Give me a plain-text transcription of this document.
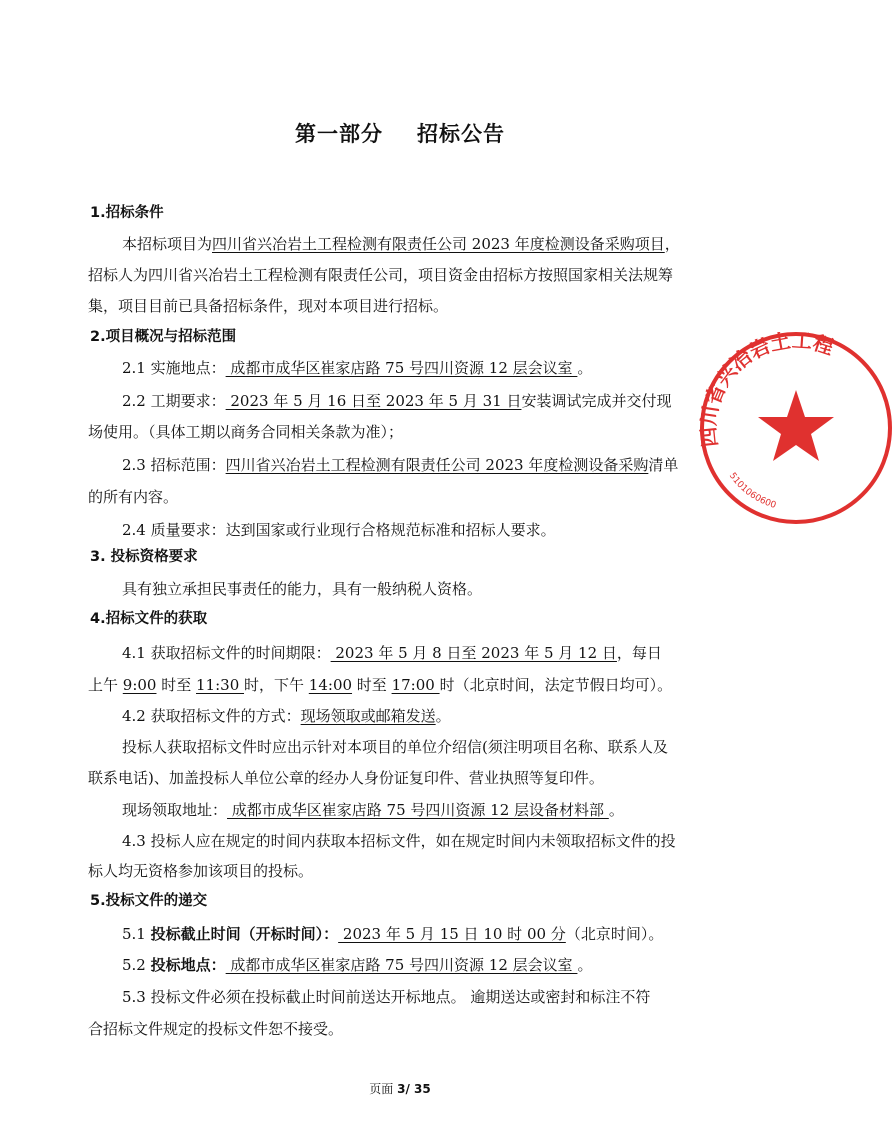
第一部分 招标公告
1.招标条件
本招标项目为四川省兴冶岩土工程检测有限责任公司 2023 年度检测设备采购项目，
招标人为四川省兴冶岩土工程检测有限责任公司，项目资金由招标方按照国家相关法规筹
集，项目目前已具备招标条件，现对本项目进行招标。
2.项目概况与招标范围
2.1 实施地点： 成都市成华区崔家店路 75 号四川资源 12 层会议室 。
2.2 工期要求： 2023 年 5 月 16 日至 2023 年 5 月 31 日安装调试完成并交付现
场使用。（具体工期以商务合同相关条款为准）；
2.3 招标范围：四川省兴冶岩土工程检测有限责任公司 2023 年度检测设备采购清单
的所有内容。
2.4 质量要求：达到国家或行业现行合格规范标准和招标人要求。
3. 投标资格要求
具有独立承担民事责任的能力，具有一般纳税人资格。
4.招标文件的获取
4.1 获取招标文件的时间期限： 2023 年 5 月 8 日至 2023 年 5 月 12 日，每日
上午 9:00 时至 11:30 时，下午 14:00 时至 17:00 时（北京时间，法定节假日均可）。
4.2 获取招标文件的方式：现场领取或邮箱发送。
投标人获取招标文件时应出示针对本项目的单位介绍信(须注明项目名称、联系人及
联系电话)、加盖投标人单位公章的经办人身份证复印件、营业执照等复印件。
现场领取地址： 成都市成华区崔家店路 75 号四川资源 12 层设备材料部 。
4.3 投标人应在规定的时间内获取本招标文件，如在规定时间内未领取招标文件的投
标人均无资格参加该项目的投标。
5.投标文件的递交
5.1 投标截止时间（开标时间）： 2023 年 5 月 15 日 10 时 00 分（北京时间）。
5.2 投标地点： 成都市成华区崔家店路 75 号四川资源 12 层会议室 。
5.3 投标文件必须在投标截止时间前送达开标地点。 逾期送达或密封和标注不符
合招标文件规定的投标文件恕不接受。
四川省兴冶岩土工程
5101060600
页面 3/ 35
